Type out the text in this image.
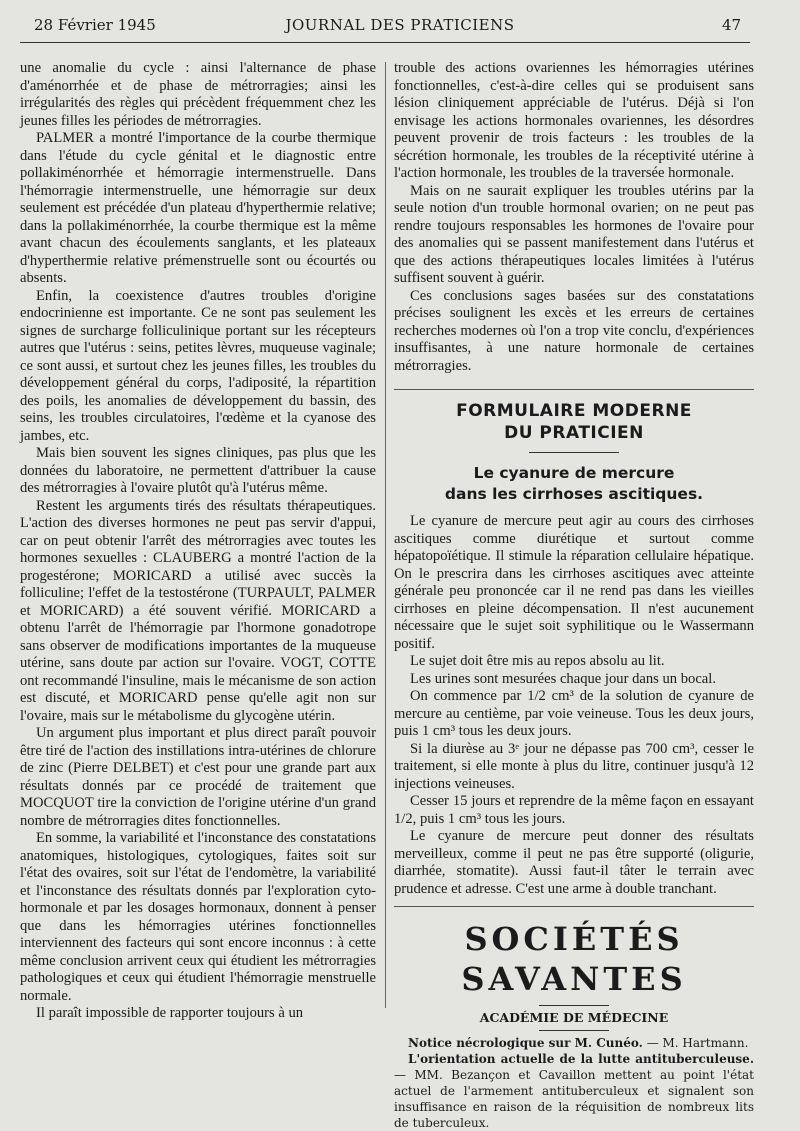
28 Février 1945	JOURNAL DES PRATICIENS	47

une anomalie du cycle : ainsi l'alternance de phase d'aménorrhée et de phase de métrorragies; ainsi les irrégularités des règles qui précèdent fréquemment chez les jeunes filles les périodes de métrorragies.

PALMER a montré l'importance de la courbe thermique dans l'étude du cycle génital et le diagnostic entre pollakiménorrhée et hémorragie intermenstruelle. Dans l'hémorragie intermenstruelle, une hémorragie sur deux seulement est précédée d'un plateau d'hyperthermie relative; dans la pollakiménorrhée, la courbe thermique est la même avant chacun des écoulements sanglants, et les plateaux d'hyperthermie relative prémenstruelle sont ou écourtés ou absents.

Enfin, la coexistence d'autres troubles d'origine endocrinienne est importante. Ce ne sont pas seulement les signes de surcharge folliculinique portant sur les récepteurs autres que l'utérus : seins, petites lèvres, muqueuse vaginale; ce sont aussi, et surtout chez les jeunes filles, les troubles du développement général du corps, l'adiposité, la répartition des poils, les anomalies de développement du bassin, des seins, les troubles circulatoires, l'œdème et la cyanose des jambes, etc.

Mais bien souvent les signes cliniques, pas plus que les données du laboratoire, ne permettent d'attribuer la cause des métrorragies à l'ovaire plutôt qu'à l'utérus même.

Restent les arguments tirés des résultats thérapeutiques. L'action des diverses hormones ne peut pas servir d'appui, car on peut obtenir l'arrêt des métrorragies avec toutes les hormones sexuelles : CLAUBERG a montré l'action de la progestérone; MORICARD a utilisé avec succès la folliculine; l'effet de la testostérone (TURPAULT, PALMER et MORICARD) a été souvent vérifié. MORICARD a obtenu l'arrêt de l'hémorragie par l'hormone gonadotrope sans observer de modifications importantes de la muqueuse utérine, sans doute par action sur l'ovaire. VOGT, COTTE ont recommandé l'insuline, mais le mécanisme de son action est discuté, et MORICARD pense qu'elle agit non sur l'ovaire, mais sur le métabolisme du glycogène utérin.

Un argument plus important et plus direct paraît pouvoir être tiré de l'action des instillations intra-utérines de chlorure de zinc (Pierre DELBET) et c'est pour une grande part aux résultats donnés par ce procédé de traitement que MOCQUOT tire la conviction de l'origine utérine d'un grand nombre de métrorragies dites fonctionnelles.

En somme, la variabilité et l'inconstance des constatations anatomiques, histologiques, cytologiques, faites soit sur l'état des ovaires, soit sur l'état de l'endomètre, la variabilité et l'inconstance des résultats donnés par l'exploration cyto-hormonale et par les dosages hormonaux, donnent à penser que dans les hémorragies utérines fonctionnelles interviennent des facteurs qui sont encore inconnus : à cette même conclusion arrivent ceux qui étudient les métrorragies pathologiques et ceux qui étudient l'hémorragie menstruelle normale.

Il paraît impossible de rapporter toujours à un

trouble des actions ovariennes les hémorragies utérines fonctionnelles, c'est-à-dire celles qui se produisent sans lésion cliniquement appréciable de l'utérus. Déjà si l'on envisage les actions hormonales ovariennes, les désordres peuvent provenir de trois facteurs : les troubles de la sécrétion hormonale, les troubles de la réceptivité utérine à l'action hormonale, les troubles de la traversée hormonale.

Mais on ne saurait expliquer les troubles utérins par la seule notion d'un trouble hormonal ovarien; on ne peut pas rendre toujours responsables les hormones de l'ovaire pour des anomalies qui se passent manifestement dans l'utérus et que des actions thérapeutiques locales limitées à l'utérus suffisent souvent à guérir.

Ces conclusions sages basées sur des constatations précises soulignent les excès et les erreurs de certaines recherches modernes où l'on a trop vite conclu, d'expériences insuffisantes, à une nature hormonale de certaines métrorragies.

FORMULAIRE MODERNE
DU PRATICIEN
Le cyanure de mercure
dans les cirrhoses ascitiques.

Le cyanure de mercure peut agir au cours des cirrhoses ascitiques comme diurétique et surtout comme hépatopoïétique. Il stimule la réparation cellulaire hépatique. On le prescrira dans les cirrhoses ascitiques avec atteinte générale peu prononcée car il ne rend pas dans les vieilles cirrhoses en pleine décompensation. Il n'est aucunement nécessaire que le sujet soit syphilitique ou le Wassermann positif.

Le sujet doit être mis au repos absolu au lit.

Les urines sont mesurées chaque jour dans un bocal.

On commence par 1/2 cm³ de la solution de cyanure de mercure au centième, par voie veineuse. Tous les deux jours, puis 1 cm³ tous les deux jours.

Si la diurèse au 3ᵉ jour ne dépasse pas 700 cm³, cesser le traitement, si elle monte à plus du litre, continuer jusqu'à 12 injections veineuses.

Cesser 15 jours et reprendre de la même façon en essayant 1/2, puis 1 cm³ tous les jours.

Le cyanure de mercure peut donner des résultats merveilleux, comme il peut ne pas être supporté (oligurie, diarrhée, stomatite). Aussi faut-il tâter le terrain avec prudence et adresse. C'est une arme à double tranchant.

SOCIÉTÉS SAVANTES
ACADÉMIE DE MÉDECINE

Notice nécrologique sur M. Cunéo. — M. Hartmann.

L'orientation actuelle de la lutte antituberculeuse. — MM. Bezançon et Cavaillon mettent au point l'état actuel de l'armement antituberculeux et signalent son insuffisance en raison de la réquisition de nombreux lits de tuberculeux.
